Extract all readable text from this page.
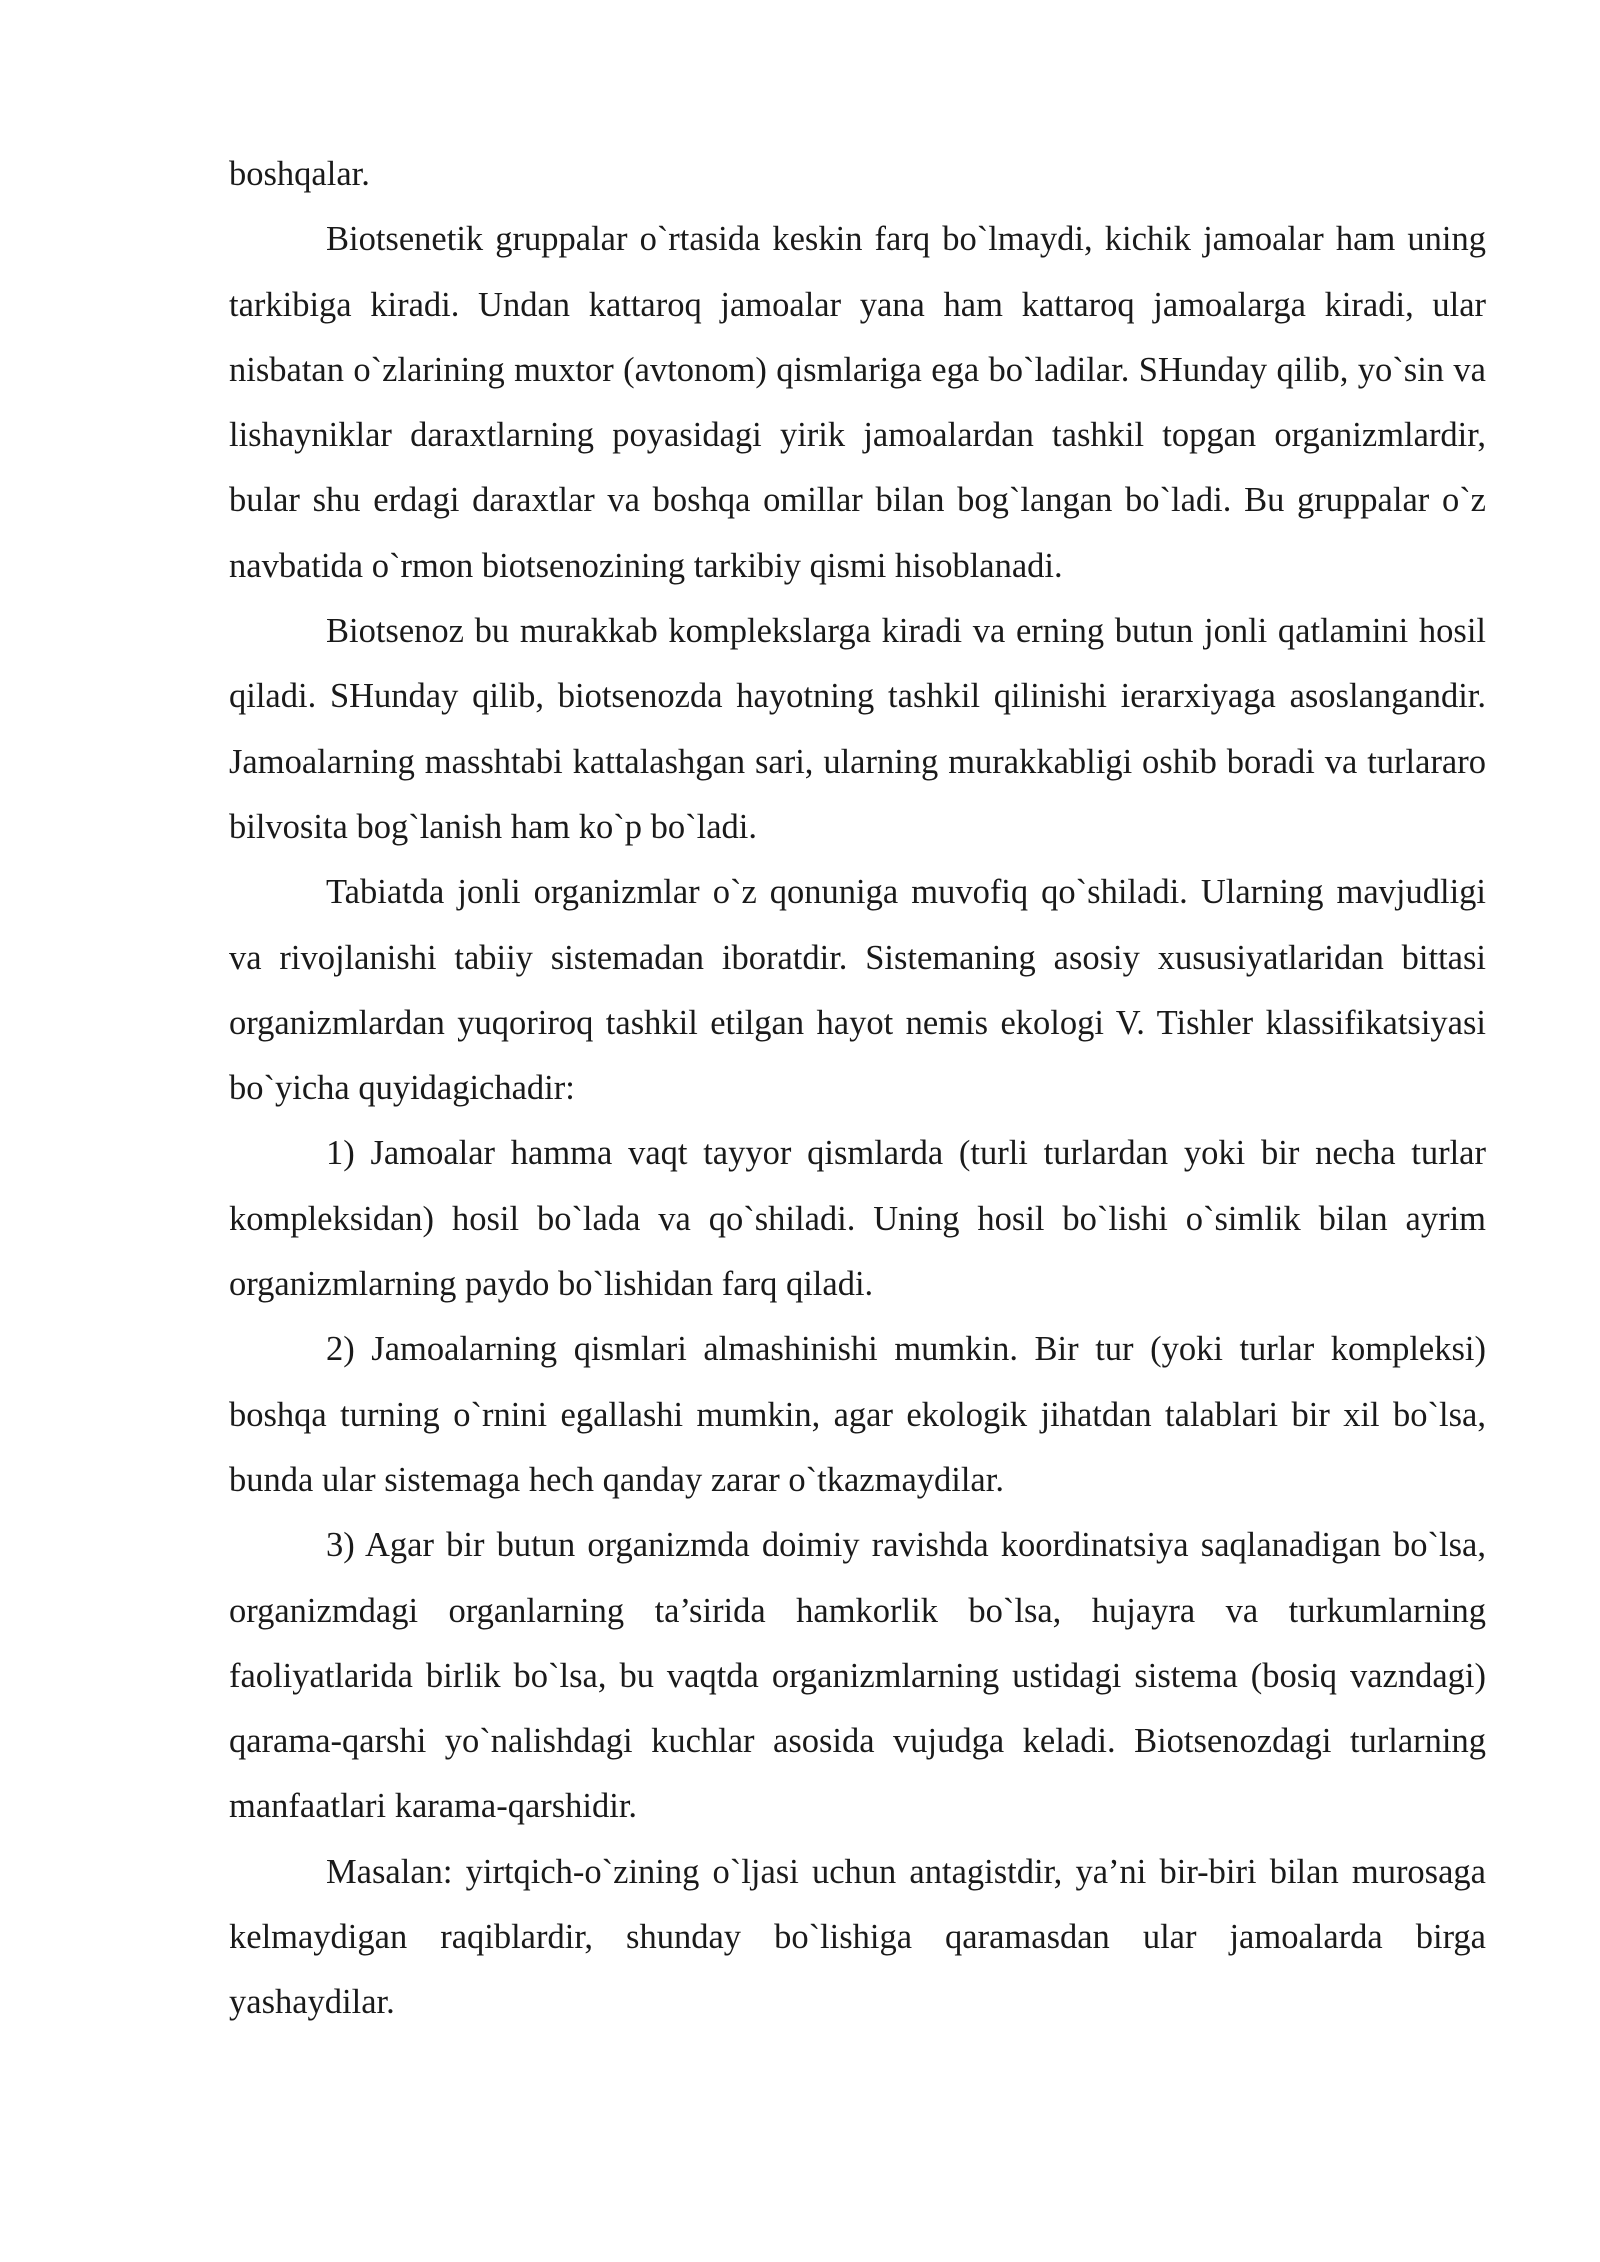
boshqalar.

Biotsenetik gruppalar o`rtasida keskin farq bo`lmaydi, kichik jamoalar ham uning tarkibiga kiradi. Undan kattaroq jamoalar yana ham kattaroq jamoalarga kiradi, ular nisbatan o`zlarining muxtor (avtonom) qismlariga ega bo`ladilar. SHunday qilib, yo`sin va lishayniklar daraxtlarning poyasidagi yirik jamoalardan tashkil topgan organizmlardir, bular shu erdagi daraxtlar va boshqa omillar bilan bog`langan bo`ladi. Bu gruppalar o`z navbatida o`rmon biotsenozining tarkibiy qismi hisoblanadi.

Biotsenoz bu murakkab komplekslarga kiradi va erning butun jonli qatlamini hosil qiladi. SHunday qilib, biotsenozda hayotning tashkil qilinishi ierarxiyaga asoslangandir. Jamoalarning masshtabi kattalashgan sari, ularning murakkabligi oshib boradi va turlararo bilvosita bog`lanish ham ko`p bo`ladi.

Tabiatda jonli organizmlar o`z qonuniga muvofiq qo`shiladi. Ularning mavjudligi va rivojlanishi tabiiy sistemadan iboratdir. Sistemaning asosiy xususiyatlaridan bittasi organizmlardan yuqoriroq tashkil etilgan hayot nemis ekologi V. Tishler klassifikatsiyasi bo`yicha quyidagichadir:

1) Jamoalar hamma vaqt tayyor qismlarda (turli turlardan yoki bir necha turlar kompleksidan) hosil bo`lada va qo`shiladi. Uning hosil bo`lishi o`simlik bilan ayrim organizmlarning paydo bo`lishidan farq qiladi.

2) Jamoalarning qismlari almashinishi mumkin. Bir tur (yoki turlar kompleksi) boshqa turning o`rnini egallashi mumkin, agar ekologik jihatdan talablari bir xil bo`lsa, bunda ular sistemaga hech qanday zarar o`tkazmaydilar.

3) Agar bir butun organizmda doimiy ravishda koordinatsiya saqlanadigan bo`lsa, organizmdagi organlarning ta’sirida hamkorlik bo`lsa, hujayra va turkumlarning faoliyatlarida birlik bo`lsa, bu vaqtda organizmlarning ustidagi sistema (bosiq vazndagi) qarama-qarshi yo`nalishdagi kuchlar asosida vujudga keladi. Biotsenozdagi turlarning manfaatlari karama-qarshidir.

Masalan: yirtqich-o`zining o`ljasi uchun antagistdir, ya’ni bir-biri bilan murosaga kelmaydigan raqiblardir, shunday bo`lishiga qaramasdan ular jamoalarda birga yashaydilar.
